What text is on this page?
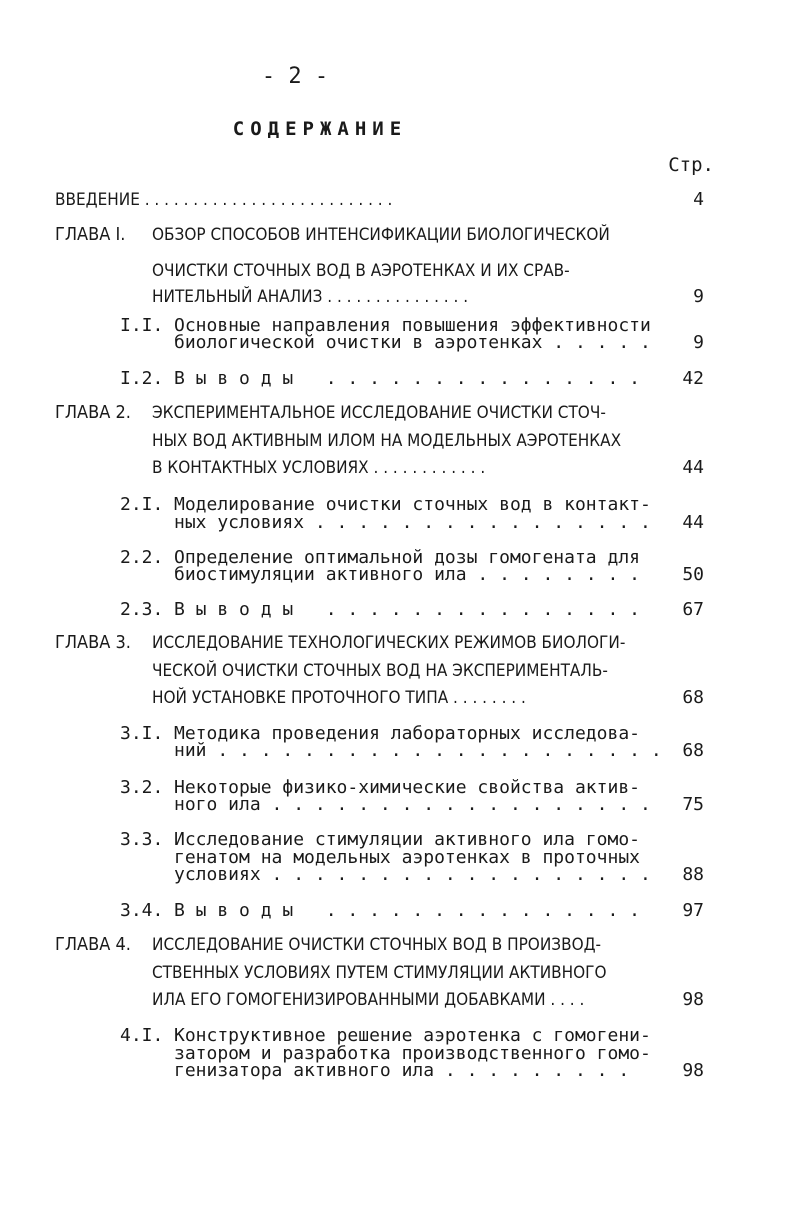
- 2 -
СОДЕРЖАНИЕ
Стр.
ВВЕДЕНИЕ . . . . . . . . . . . . . . . . . . . . . . . . . .	4
ГЛАВА I. ОБЗОР СПОСОБОВ ИНТЕНСИФИКАЦИИ БИОЛОГИЧЕСКОЙ
ОЧИСТКИ СТОЧНЫХ ВОД В АЭРОТЕНКАХ И ИХ СРАВ-
НИТЕЛЬНЫЙ АНАЛИЗ . . . . . . . . . . . . . . .	9
I.I. Основные направления повышения эффективности
биологической очистки в аэротенках . . . . . 9
I.2. В ы в о д ы   . . . . . . . . . . . . . . . 42
ГЛАВА 2. ЭКСПЕРИМЕНТАЛЬНОЕ ИССЛЕДОВАНИЕ ОЧИСТКИ СТОЧ-
НЫХ ВОД АКТИВНЫМ ИЛОМ НА МОДЕЛЬНЫХ АЭРОТЕНКАХ
В КОНТАКТНЫХ УСЛОВИЯХ . . . . . . . . . . . .	44
2.I. Моделирование очистки сточных вод в контакт-
ных условиях . . . . . . . . . . . . . . . . 44
2.2. Определение оптимальной дозы гомогената для
биостимуляции активного ила . . . . . . . . 50
2.3. В ы в о д ы   . . . . . . . . . . . . . . . 67
ГЛАВА 3. ИССЛЕДОВАНИЕ ТЕХНОЛОГИЧЕСКИХ РЕЖИМОВ БИОЛОГИ-
ЧЕСКОЙ ОЧИСТКИ СТОЧНЫХ ВОД НА ЭКСПЕРИМЕНТАЛЬ-
НОЙ УСТАНОВКЕ ПРОТОЧНОГО ТИПА . . . . . . . .	68
3.I. Методика проведения лабораторных исследова-
ний . . . . . . . . . . . . . . . . . . . . . 68
3.2. Некоторые физико-химические свойства актив-
ного ила . . . . . . . . . . . . . . . . . . 75
3.3. Исследование стимуляции активного ила гомо-
генатом на модельных аэротенках в проточных
условиях . . . . . . . . . . . . . . . . . . 88
3.4. В ы в о д ы   . . . . . . . . . . . . . . . 97
ГЛАВА 4. ИССЛЕДОВАНИЕ ОЧИСТКИ СТОЧНЫХ ВОД В ПРОИЗВОД-
СТВЕННЫХ УСЛОВИЯХ ПУТЕМ СТИМУЛЯЦИИ АКТИВНОГО
ИЛА ЕГО ГОМОГЕНИЗИРОВАННЫМИ ДОБАВКАМИ . . . .	98
4.I. Конструктивное решение аэротенка с гомогени-
затором и разработка производственного гомо-
генизатора активного ила . . . . . . . . .	98
